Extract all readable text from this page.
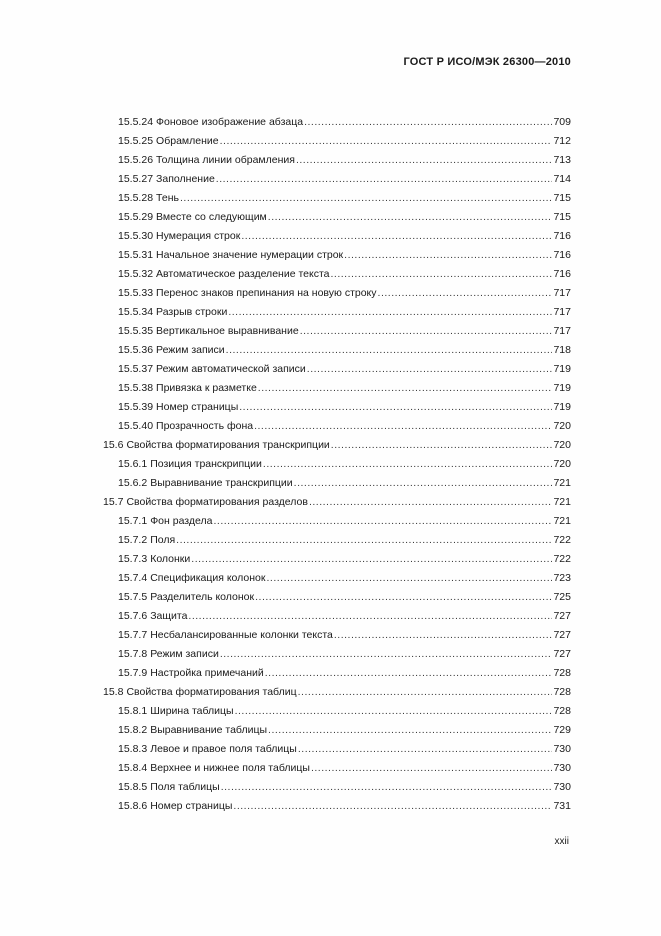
ГОСТ Р ИСО/МЭК 26300—2010
15.5.24 Фоновое изображение абзаца .....	709
15.5.25 Обрамление .....	712
15.5.26 Толщина линии обрамления .....	713
15.5.27 Заполнение .....	714
15.5.28 Тень .....	715
15.5.29 Вместе со следующим .....	715
15.5.30 Нумерация строк .....	716
15.5.31 Начальное значение нумерации строк .....	716
15.5.32 Автоматическое разделение текста .....	716
15.5.33 Перенос знаков препинания на новую строку .....	717
15.5.34 Разрыв строки .....	717
15.5.35 Вертикальное выравнивание .....	717
15.5.36 Режим записи .....	718
15.5.37 Режим автоматической записи .....	719
15.5.38 Привязка к разметке .....	719
15.5.39 Номер страницы .....	719
15.5.40 Прозрачность фона .....	720
15.6 Свойства форматирования транскрипции .....	720
15.6.1 Позиция транскрипции .....	720
15.6.2 Выравнивание транскрипции .....	721
15.7 Свойства форматирования разделов .....	721
15.7.1 Фон раздела .....	721
15.7.2 Поля .....	722
15.7.3 Колонки .....	722
15.7.4 Спецификация колонок .....	723
15.7.5 Разделитель колонок .....	725
15.7.6 Защита .....	727
15.7.7 Несбалансированные колонки текста .....	727
15.7.8 Режим записи .....	727
15.7.9 Настройка примечаний .....	728
15.8 Свойства форматирования таблиц .....	728
15.8.1 Ширина таблицы .....	728
15.8.2 Выравнивание таблицы .....	729
15.8.3 Левое и правое поля таблицы .....	730
15.8.4 Верхнее и нижнее поля таблицы .....	730
15.8.5 Поля таблицы .....	730
15.8.6 Номер страницы .....	731
xxii
